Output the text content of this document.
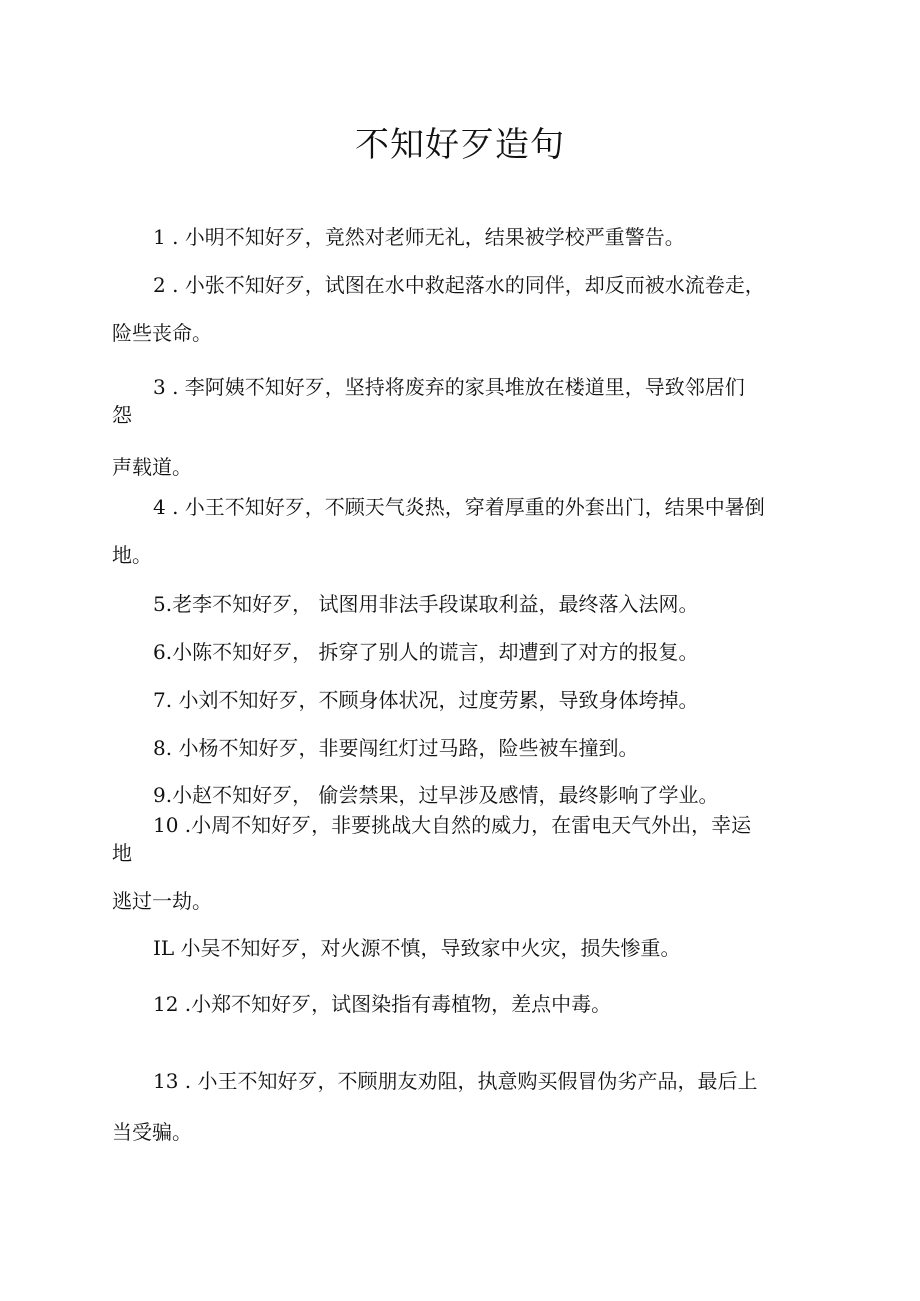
不知好歹造句
1 . 小明不知好歹，竟然对老师无礼，结果被学校严重警告。
2 . 小张不知好歹，试图在水中救起落水的同伴，却反而被水流卷走，
险些丧命。
3 . 李阿姨不知好歹，坚持将废弃的家具堆放在楼道里，导致邻居们
怨
声载道。
4 . 小王不知好歹，不顾天气炎热，穿着厚重的外套出门，结果中暑倒
地。
5.老李不知好歹， 试图用非法手段谋取利益，最终落入法网。
6.小陈不知好歹， 拆穿了别人的谎言，却遭到了对方的报复。
7. 小刘不知好歹，不顾身体状况，过度劳累，导致身体垮掉。
8. 小杨不知好歹，非要闯红灯过马路，险些被车撞到。
9.小赵不知好歹， 偷尝禁果，过早涉及感情，最终影响了学业。
10 .小周不知好歹，非要挑战大自然的威力，在雷电天气外出，幸运
地
逃过一劫。
IL 小吴不知好歹，对火源不慎，导致家中火灾，损失惨重。
12 .小郑不知好歹，试图染指有毒植物，差点中毒。
13 . 小王不知好歹，不顾朋友劝阻，执意购买假冒伪劣产品，最后上
当受骗。
